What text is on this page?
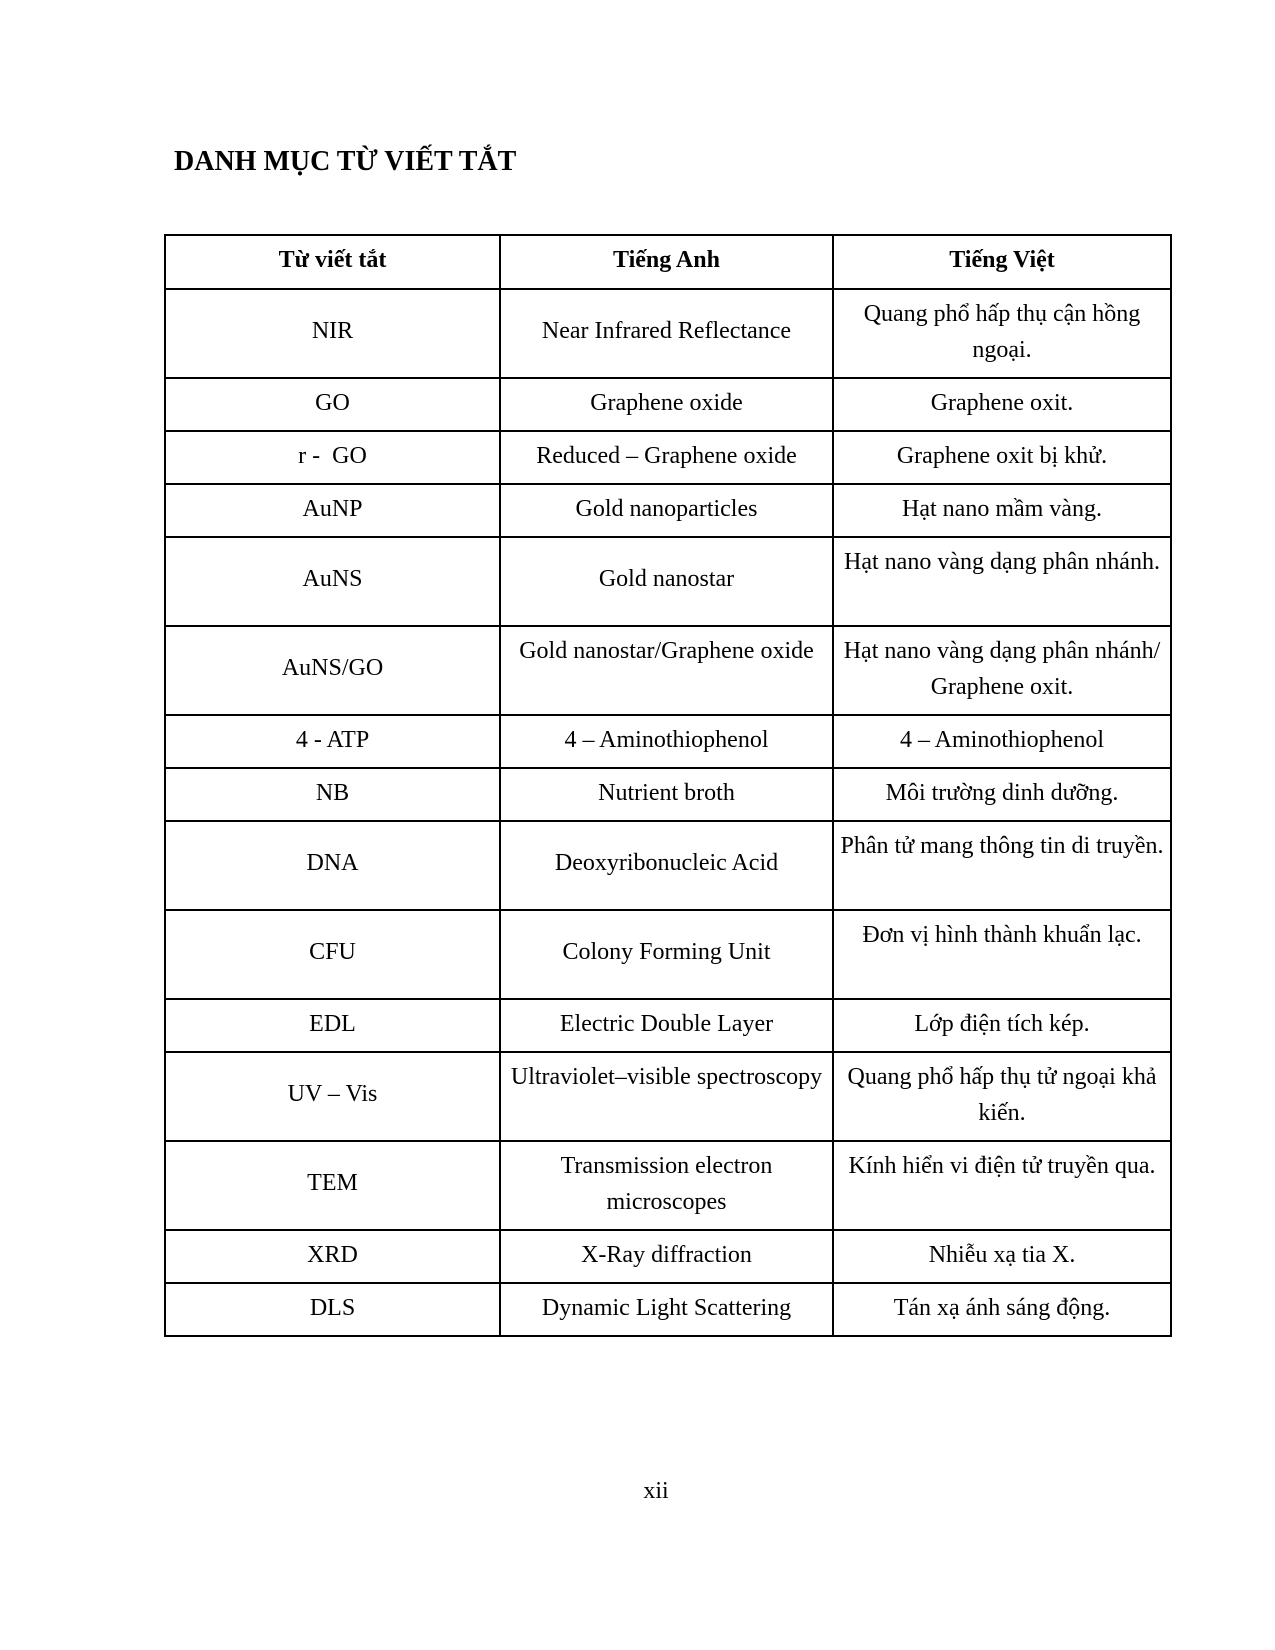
DANH MỤC TỪ VIẾT TẮT
Từ viết tắt	Tiếng Anh	Tiếng Việt
NIR	Near Infrared Reflectance	Quang phổ hấp thụ cận hồng ngoại.
GO	Graphene oxide	Graphene oxit.
r -  GO	Reduced – Graphene oxide	Graphene oxit bị khử.
AuNP	Gold nanoparticles	Hạt nano mầm vàng.
AuNS	Gold nanostar	Hạt nano vàng dạng phân nhánh.
AuNS/GO	Gold nanostar/Graphene oxide	Hạt nano vàng dạng phân nhánh/ Graphene oxit.
4 - ATP	4 – Aminothiophenol	4 – Aminothiophenol
NB	Nutrient broth	Môi trường dinh dưỡng.
DNA	Deoxyribonucleic Acid	Phân tử mang thông tin di truyền.
CFU	Colony Forming Unit	Đơn vị hình thành khuẩn lạc.
EDL	Electric Double Layer	Lớp điện tích kép.
UV – Vis	Ultraviolet–visible spectroscopy	Quang phổ hấp thụ tử ngoại khả kiến.
TEM	Transmission electron microscopes	Kính hiển vi điện tử truyền qua.
XRD	X-Ray diffraction	Nhiễu xạ tia X.
DLS	Dynamic Light Scattering	Tán xạ ánh sáng động.
xii
